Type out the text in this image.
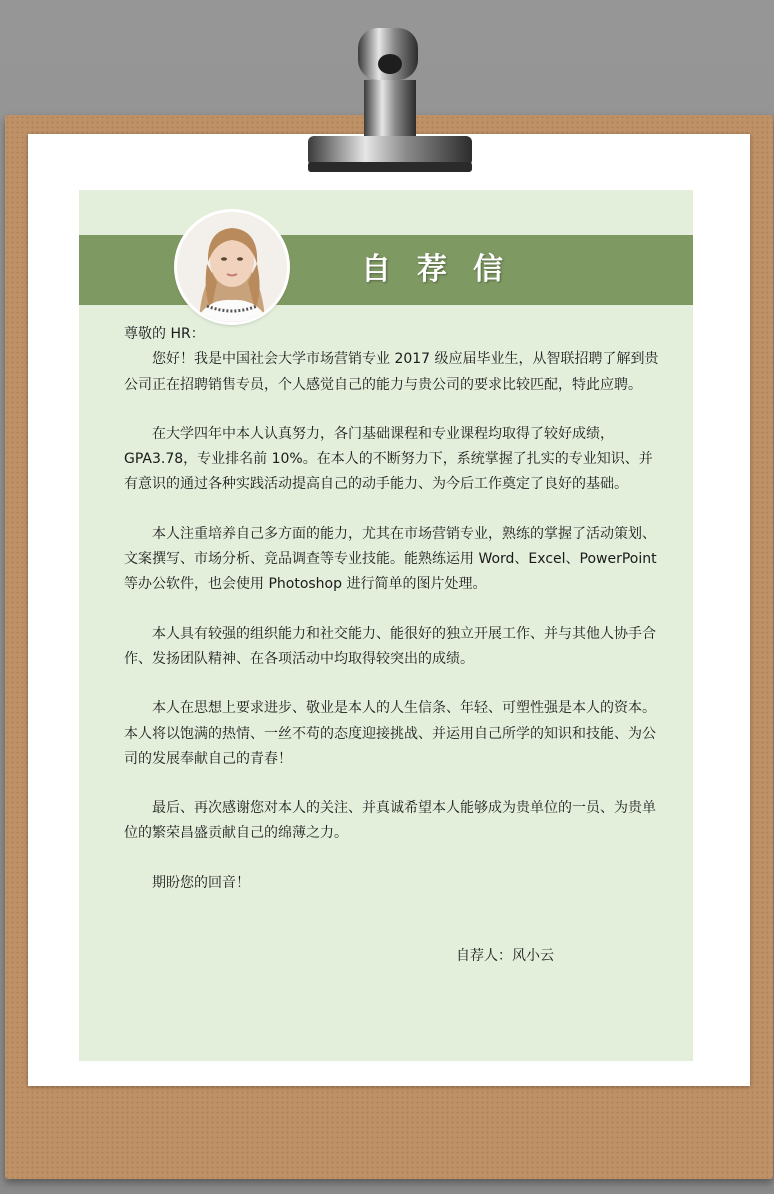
自荐信

尊敬的 HR：

您好！我是中国社会大学市场营销专业 2017 级应届毕业生，从智联招聘了解到贵公司正在招聘销售专员，个人感觉自己的能力与贵公司的要求比较匹配，特此应聘。

在大学四年中本人认真努力，各门基础课程和专业课程均取得了较好成绩，GPA3.78，专业排名前 10%。在本人的不断努力下，系统掌握了扎实的专业知识、并有意识的通过各种实践活动提高自己的动手能力、为今后工作奠定了良好的基础。

本人注重培养自己多方面的能力，尤其在市场营销专业，熟练的掌握了活动策划、文案撰写、市场分析、竞品调查等专业技能。能熟练运用 Word、Excel、PowerPoint 等办公软件，也会使用 Photoshop 进行简单的图片处理。

本人具有较强的组织能力和社交能力、能很好的独立开展工作、并与其他人协手合作、发扬团队精神、在各项活动中均取得较突出的成绩。

本人在思想上要求进步、敬业是本人的人生信条、年轻、可塑性强是本人的资本。本人将以饱满的热情、一丝不苟的态度迎接挑战、并运用自己所学的知识和技能、为公司的发展奉献自己的青春！

最后、再次感谢您对本人的关注、并真诚希望本人能够成为贵单位的一员、为贵单位的繁荣昌盛贡献自己的绵薄之力。

期盼您的回音！

自荐人：风小云
